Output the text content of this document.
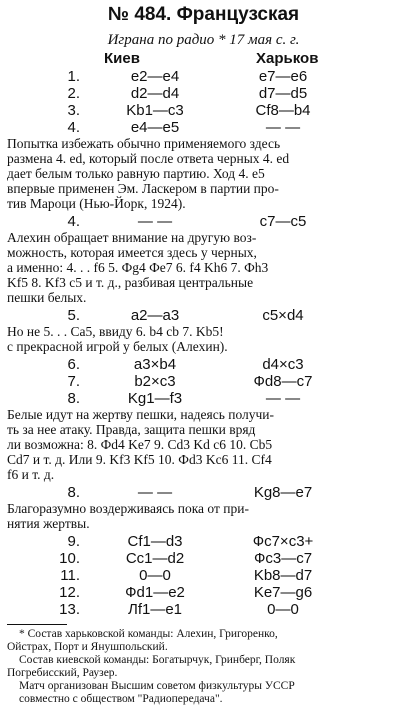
№ 484. Французская
Играна по радио * 17 мая с. г.
Киев	Харьков
1.	e2—e4	e7—e6
2.	d2—d4	d7—d5
3.	Kb1—c3	Cf8—b4
4.	e4—e5	— —
Попытка избежать обычно применяемого здесь
размена 4. ed, который после ответа черных 4. ed
дает белым только равную партию. Ход 4. e5
впервые применен Эм. Ласкером в партии про-
тив Мароци (Нью-Йорк, 1924).
4.	— —	c7—c5
Алехин обращает внимание на другую воз-
можность, которая имеется здесь у черных,
а именно: 4. . . f6 5. Фg4 Фe7 6. f4 Kh6 7. Фh3
Kf5 8. Kf3 c5 и т. д., разбивая центральные
пешки белых.
5.	a2—a3	c5×d4
Но не 5. . . Ca5, ввиду 6. b4 cb 7. Kb5!
с прекрасной игрой у белых (Алехин).
6.	a3×b4	d4×c3
7.	b2×c3	Фd8—c7
8.	Kg1—f3	— —
Белые идут на жертву пешки, надеясь получи-
ть за нее атаку. Правда, защита пешки вряд
ли возможна: 8. Фd4 Ke7 9. Cd3 Kd c6 10. Cb5
Cd7 и т. д. Или 9. Kf3 Kf5 10. Фd3 Kc6 11. Cf4
f6 и т. д.
8.	— —	Kg8—e7
Благоразумно воздерживаясь пока от при-
нятия жертвы.
9.	Cf1—d3	Фc7×c3+
10.	Cc1—d2	Фc3—c7
11.	0—0	Kb8—d7
12.	Фd1—e2	Ke7—g6
13.	Лf1—e1	0—0
* Состав харьковской команды: Алехин, Григоренко,
Ойстрах, Порт и Янушпольский.
Состав киевской команды: Богатырчук, Гринберг, Поляк
Погребисский, Раузер.
Матч организован Высшим советом физкультуры УССР
совместно с обществом "Радиопередача".
